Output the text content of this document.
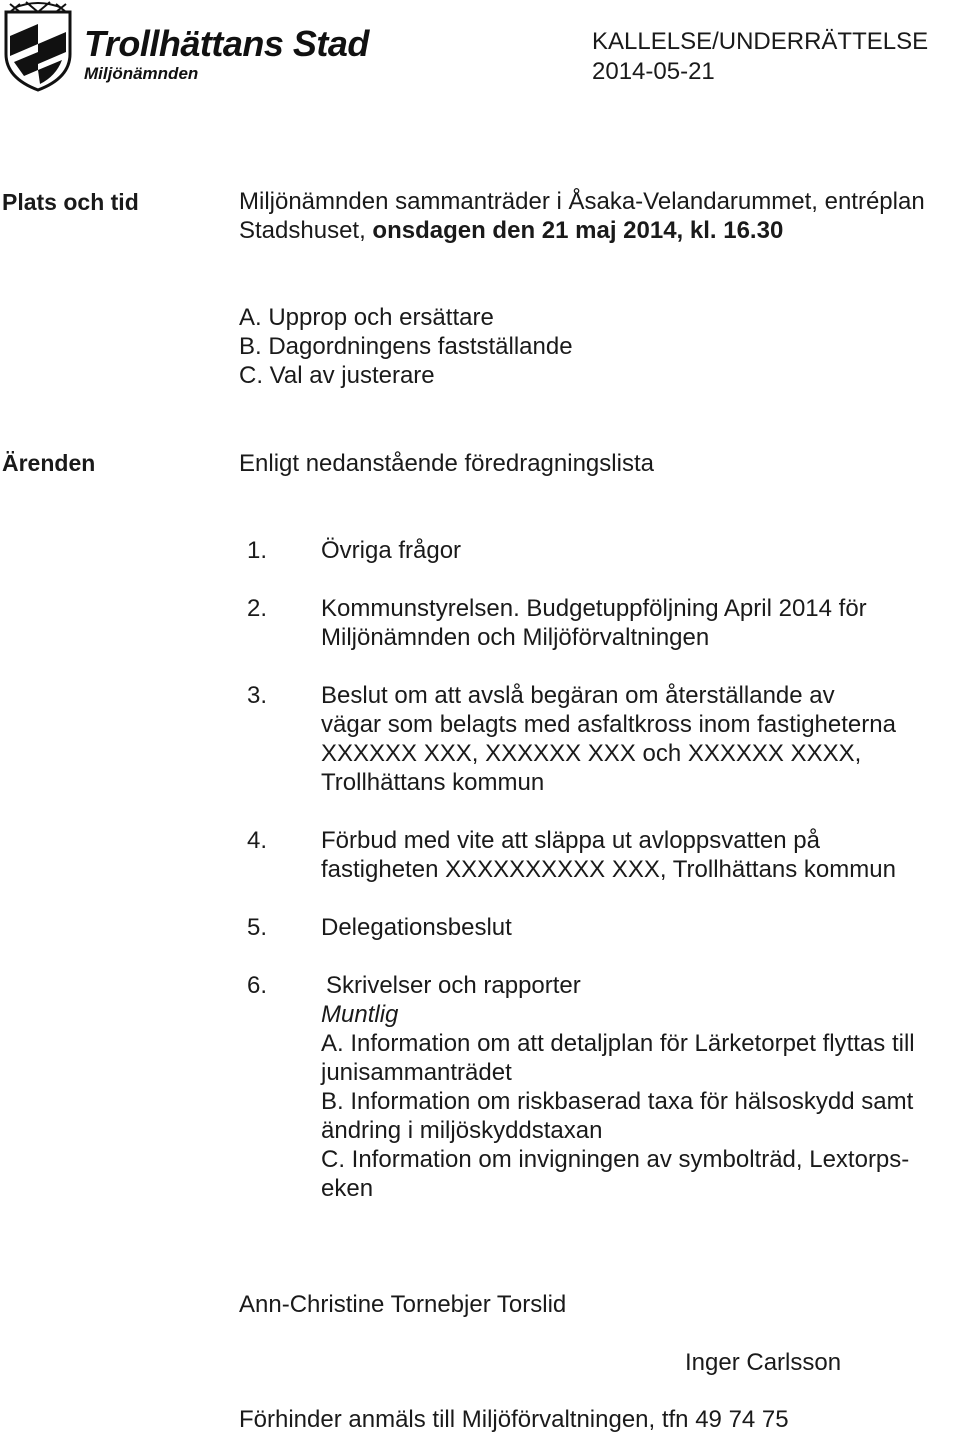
Trollhättans Stad
Miljönämnden
KALLELSE/UNDERRÄTTELSE
2014-05-21
Plats och tid	Miljönämnden sammanträder i Åsaka-Velandarummet, entréplan
Stadshuset, onsdagen den 21 maj 2014, kl. 16.30
A. Upprop och ersättare
B. Dagordningens fastställande
C. Val av justerare
Ärenden	Enligt nedanstående föredragningslista
1. Övriga frågor
2. Kommunstyrelsen. Budgetuppföljning April 2014 för Miljönämnden och Miljöförvaltningen
3. Beslut om att avslå begäran om återställande av vägar som belagts med asfaltkross inom fastigheterna XXXXXX XXX, XXXXXX XXX och XXXXXX XXXX, Trollhättans kommun
4. Förbud med vite att släppa ut avloppsvatten på fastigheten XXXXXXXXXX XXX, Trollhättans kommun
5. Delegationsbeslut
6. Skrivelser och rapporter
Muntlig
A. Information om att detaljplan för Lärketorpet flyttas till junisammanträdet
B. Information om riskbaserad taxa för hälsoskydd samt ändring i miljöskyddstaxan
C. Information om invigningen av symbolträd, Lextorps-eken
Ann-Christine Tornebjer Torslid
Inger Carlsson
Förhinder anmäls till Miljöförvaltningen, tfn 49 74 75
